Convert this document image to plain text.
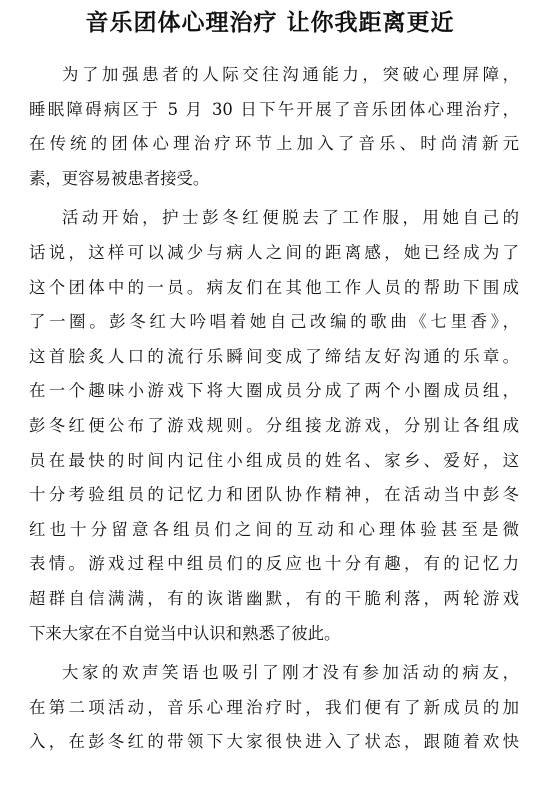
音乐团体心理治疗 让你我距离更近
为了加强患者的人际交往沟通能力，突破心理屏障，
睡眠障碍病区于 5 月 30 日下午开展了音乐团体心理治疗，
在传统的团体心理治疗环节上加入了音乐、时尚清新元
素，更容易被患者接受。
活动开始，护士彭冬红便脱去了工作服，用她自己的
话说，这样可以减少与病人之间的距离感，她已经成为了
这个团体中的一员。病友们在其他工作人员的帮助下围成
了一圈。彭冬红大吟唱着她自己改编的歌曲《七里香》，
这首脍炙人口的流行乐瞬间变成了缔结友好沟通的乐章。
在一个趣味小游戏下将大圈成员分成了两个小圈成员组，
彭冬红便公布了游戏规则。分组接龙游戏，分别让各组成
员在最快的时间内记住小组成员的姓名、家乡、爱好，这
十分考验组员的记忆力和团队协作精神，在活动当中彭冬
红也十分留意各组员们之间的互动和心理体验甚至是微
表情。游戏过程中组员们的反应也十分有趣，有的记忆力
超群自信满满，有的诙谐幽默，有的干脆利落，两轮游戏
下来大家在不自觉当中认识和熟悉了彼此。
大家的欢声笑语也吸引了刚才没有参加活动的病友，
在第二项活动，音乐心理治疗时，我们便有了新成员的加
入，在彭冬红的带领下大家很快进入了状态，跟随着欢快
